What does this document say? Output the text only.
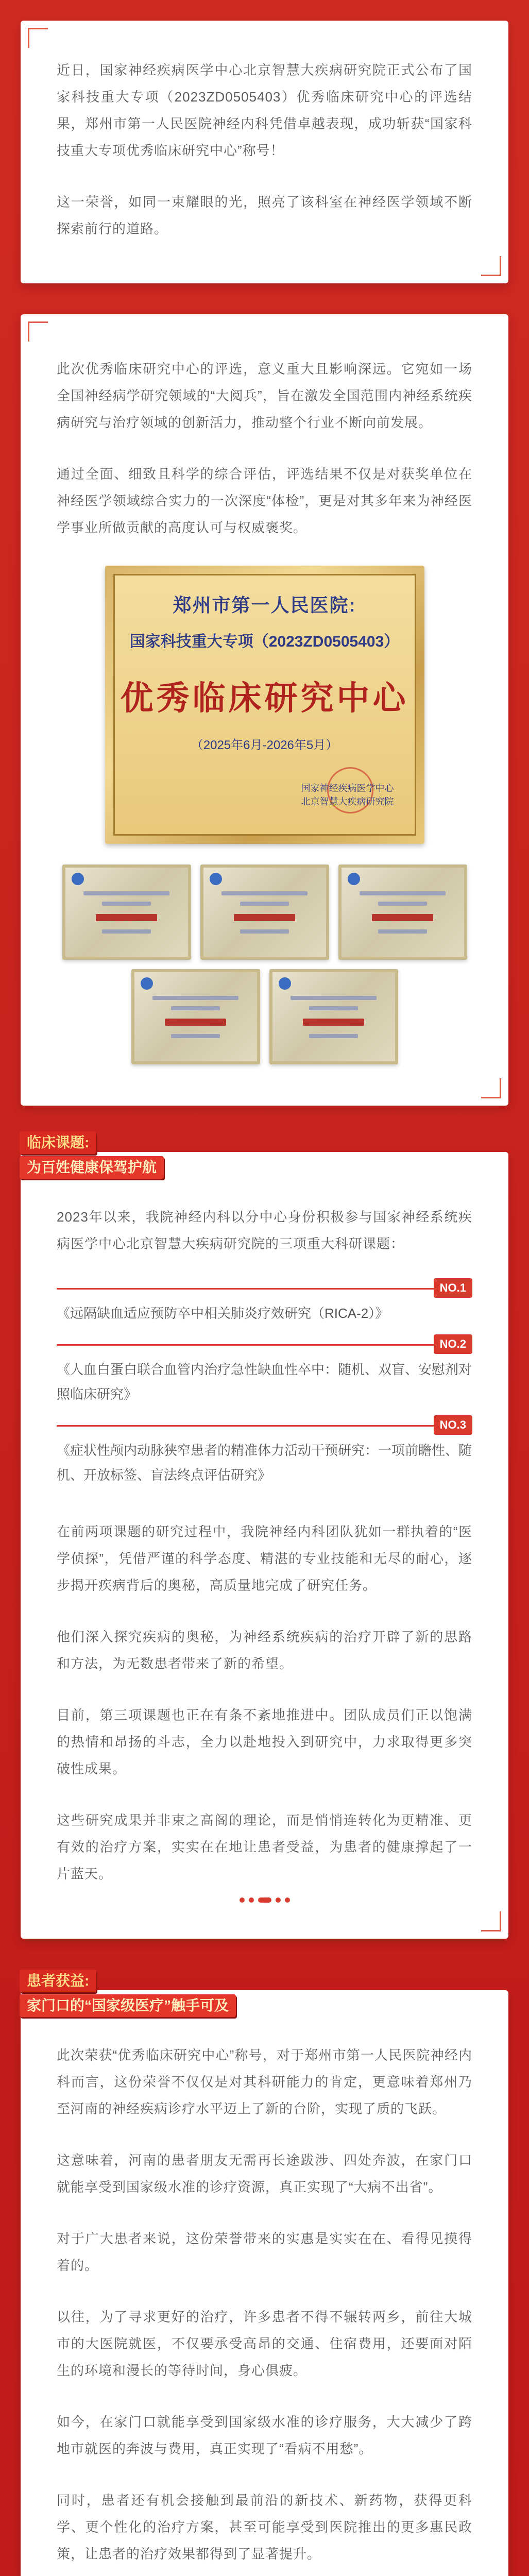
近日，国家神经疾病医学中心北京智慧大疾病研究院正式公布了国家科技重大专项（2023ZD0505403）优秀临床研究中心的评选结果，郑州市第一人民医院神经内科凭借卓越表现，成功斩获“国家科技重大专项优秀临床研究中心”称号！

这一荣誉，如同一束耀眼的光，照亮了该科室在神经医学领域不断探索前行的道路。

此次优秀临床研究中心的评选，意义重大且影响深远。它宛如一场全国神经病学研究领域的“大阅兵”，旨在激发全国范围内神经系统疾病研究与治疗领域的创新活力，推动整个行业不断向前发展。

通过全面、细致且科学的综合评估，评选结果不仅是对获奖单位在神经医学领域综合实力的一次深度“体检”，更是对其多年来为神经医学事业所做贡献的高度认可与权威褒奖。

郑州市第一人民医院:
国家科技重大专项（2023ZD0505403）
优秀临床研究中心
（2025年6月-2026年5月）
国家神经疾病医学中心
北京智慧大疾病研究院
临床课题:
为百姓健康保驾护航

2023年以来，我院神经内科以分中心身份积极参与国家神经系统疾病医学中心北京智慧大疾病研究院的三项重大科研课题：

NO.1

《远隔缺血适应预防卒中相关肺炎疗效研究（RICA-2）》

NO.2

《人血白蛋白联合血管内治疗急性缺血性卒中：随机、双盲、安慰剂对照临床研究》

NO.3

《症状性颅内动脉狭窄患者的精准体力活动干预研究：一项前瞻性、随机、开放标签、盲法终点评估研究》

在前两项课题的研究过程中，我院神经内科团队犹如一群执着的“医学侦探”，凭借严谨的科学态度、精湛的专业技能和无尽的耐心，逐步揭开疾病背后的奥秘，高质量地完成了研究任务。

他们深入探究疾病的奥秘，为神经系统疾病的治疗开辟了新的思路和方法，为无数患者带来了新的希望。

目前，第三项课题也正在有条不紊地推进中。团队成员们正以饱满的热情和昂扬的斗志，全力以赴地投入到研究中，力求取得更多突破性成果。

这些研究成果并非束之高阁的理论，而是悄悄连转化为更精准、更有效的治疗方案，实实在在地让患者受益，为患者的健康撑起了一片蓝天。

患者获益:
家门口的“国家级医疗”触手可及

此次荣获“优秀临床研究中心”称号，对于郑州市第一人民医院神经内科而言，这份荣誉不仅仅是对其科研能力的肯定，更意味着郑州乃至河南的神经疾病诊疗水平迈上了新的台阶，实现了质的飞跃。

这意味着，河南的患者朋友无需再长途跋涉、四处奔波，在家门口就能享受到国家级水准的诊疗资源，真正实现了“大病不出省”。

对于广大患者来说，这份荣誉带来的实惠是实实在在、看得见摸得着的。

以往，为了寻求更好的治疗，许多患者不得不辗转两乡，前往大城市的大医院就医，不仅要承受高昂的交通、住宿费用，还要面对陌生的环境和漫长的等待时间，身心俱疲。

如今，在家门口就能享受到国家级水准的诊疗服务，大大减少了跨地市就医的奔波与费用，真正实现了“看病不用愁”。

同时，患者还有机会接触到最前沿的新技术、新药物，获得更科学、更个性化的治疗方案，甚至可能享受到医院推出的更多惠民政策，让患者的治疗效果都得到了显著提升。
